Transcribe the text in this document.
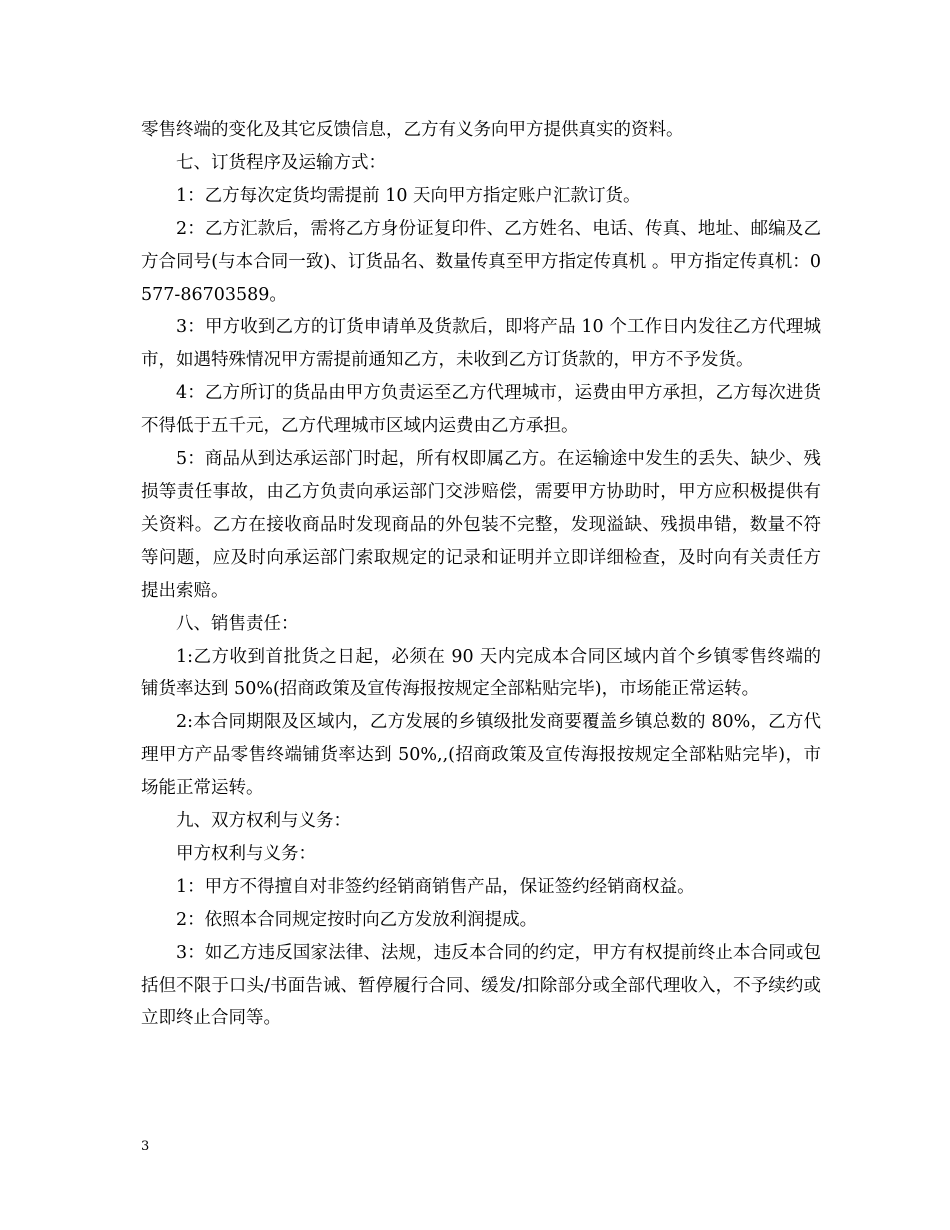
零售终端的变化及其它反馈信息，乙方有义务向甲方提供真实的资料。

七、订货程序及运输方式：

1：乙方每次定货均需提前 10 天向甲方指定账户汇款订货。

2：乙方汇款后，需将乙方身份证复印件、乙方姓名、电话、传真、地址、邮编及乙方合同号(与本合同一致)、订货品名、数量传真至甲方指定传真机 。甲方指定传真机：0577-86703589。

3：甲方收到乙方的订货申请单及货款后，即将产品 10 个工作日内发往乙方代理城市，如遇特殊情况甲方需提前通知乙方，未收到乙方订货款的，甲方不予发货。

4：乙方所订的货品由甲方负责运至乙方代理城市，运费由甲方承担，乙方每次进货不得低于五千元，乙方代理城市区域内运费由乙方承担。

5：商品从到达承运部门时起，所有权即属乙方。在运输途中发生的丢失、缺少、残损等责任事故，由乙方负责向承运部门交涉赔偿，需要甲方协助时，甲方应积极提供有关资料。乙方在接收商品时发现商品的外包装不完整，发现溢缺、残损串错，数量不符等问题，应及时向承运部门索取规定的记录和证明并立即详细检查，及时向有关责任方提出索赔。

八、销售责任：

1:乙方收到首批货之日起，必须在 90 天内完成本合同区域内首个乡镇零售终端的铺货率达到 50%(招商政策及宣传海报按规定全部粘贴完毕)，市场能正常运转。

2:本合同期限及区域内，乙方发展的乡镇级批发商要覆盖乡镇总数的 80%，乙方代理甲方产品零售终端铺货率达到 50%,,(招商政策及宣传海报按规定全部粘贴完毕)，市场能正常运转。

九、双方权利与义务：

甲方权利与义务：

1：甲方不得擅自对非签约经销商销售产品，保证签约经销商权益。

2：依照本合同规定按时向乙方发放利润提成。

3：如乙方违反国家法律、法规，违反本合同的约定，甲方有权提前终止本合同或包括但不限于口头/书面告诫、暂停履行合同、缓发/扣除部分或全部代理收入，不予续约或立即终止合同等。

3
